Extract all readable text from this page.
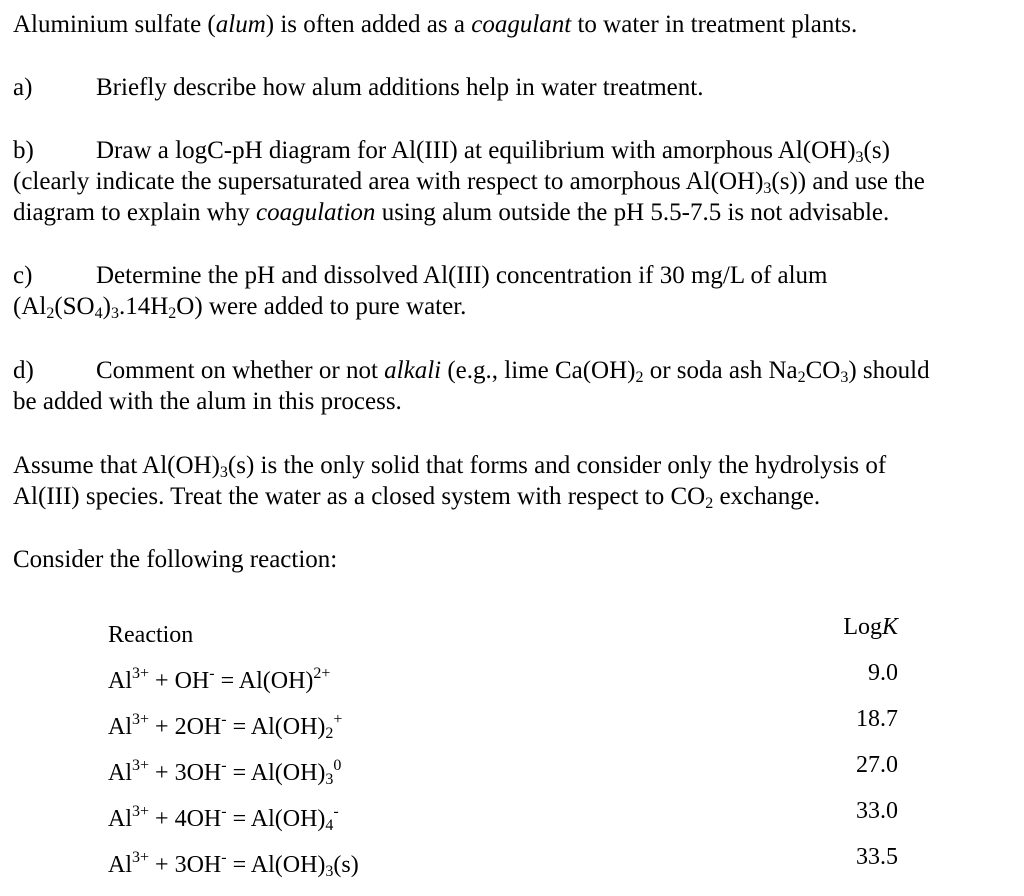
Aluminium sulfate (alum) is often added as a coagulant to water in treatment plants.
a)	Briefly describe how alum additions help in water treatment.
b) Draw a logC-pH diagram for Al(III) at equilibrium with amorphous $Al(OH)_3(s)$
(clearly indicate the supersaturated area with respect to amorphous $Al(OH)_3(s)$) and use the
diagram to explain why coagulation using alum outside the pH 5.5-7.5 is not advisable.
c)	Determine the pH and dissolved Al(III) concentration if 30 mg/L of alum
$(Al_2(SO_4)_3.14H_2O)$ were added to pure water.
d) Comment on whether or not alkali (e.g., lime $Ca(OH)_2$ or soda ash $Na_2CO_3$) should
be added with the alum in this process.
Assume that $Al(OH)_3(s)$ is the only solid that forms and consider only the hydrolysis of
Al(III) species. Treat the water as a closed system with respect to $CO_2$ exchange.
Consider the following reaction:
Reaction		LogK

$Al^{3+} + OH^- = Al(OH)^{2+}$		9.0

$Al^{3+} + 2OH^- = Al(OH)_2^+$		18.7

$Al^{3+} + 3OH^- = Al(OH)_3^0$		27.0

$Al^{3+} + 4OH^- = Al(OH)_4^-$		33.0

$Al^{3+} + 3OH^- = Al(OH)_3(s)$		33.5
